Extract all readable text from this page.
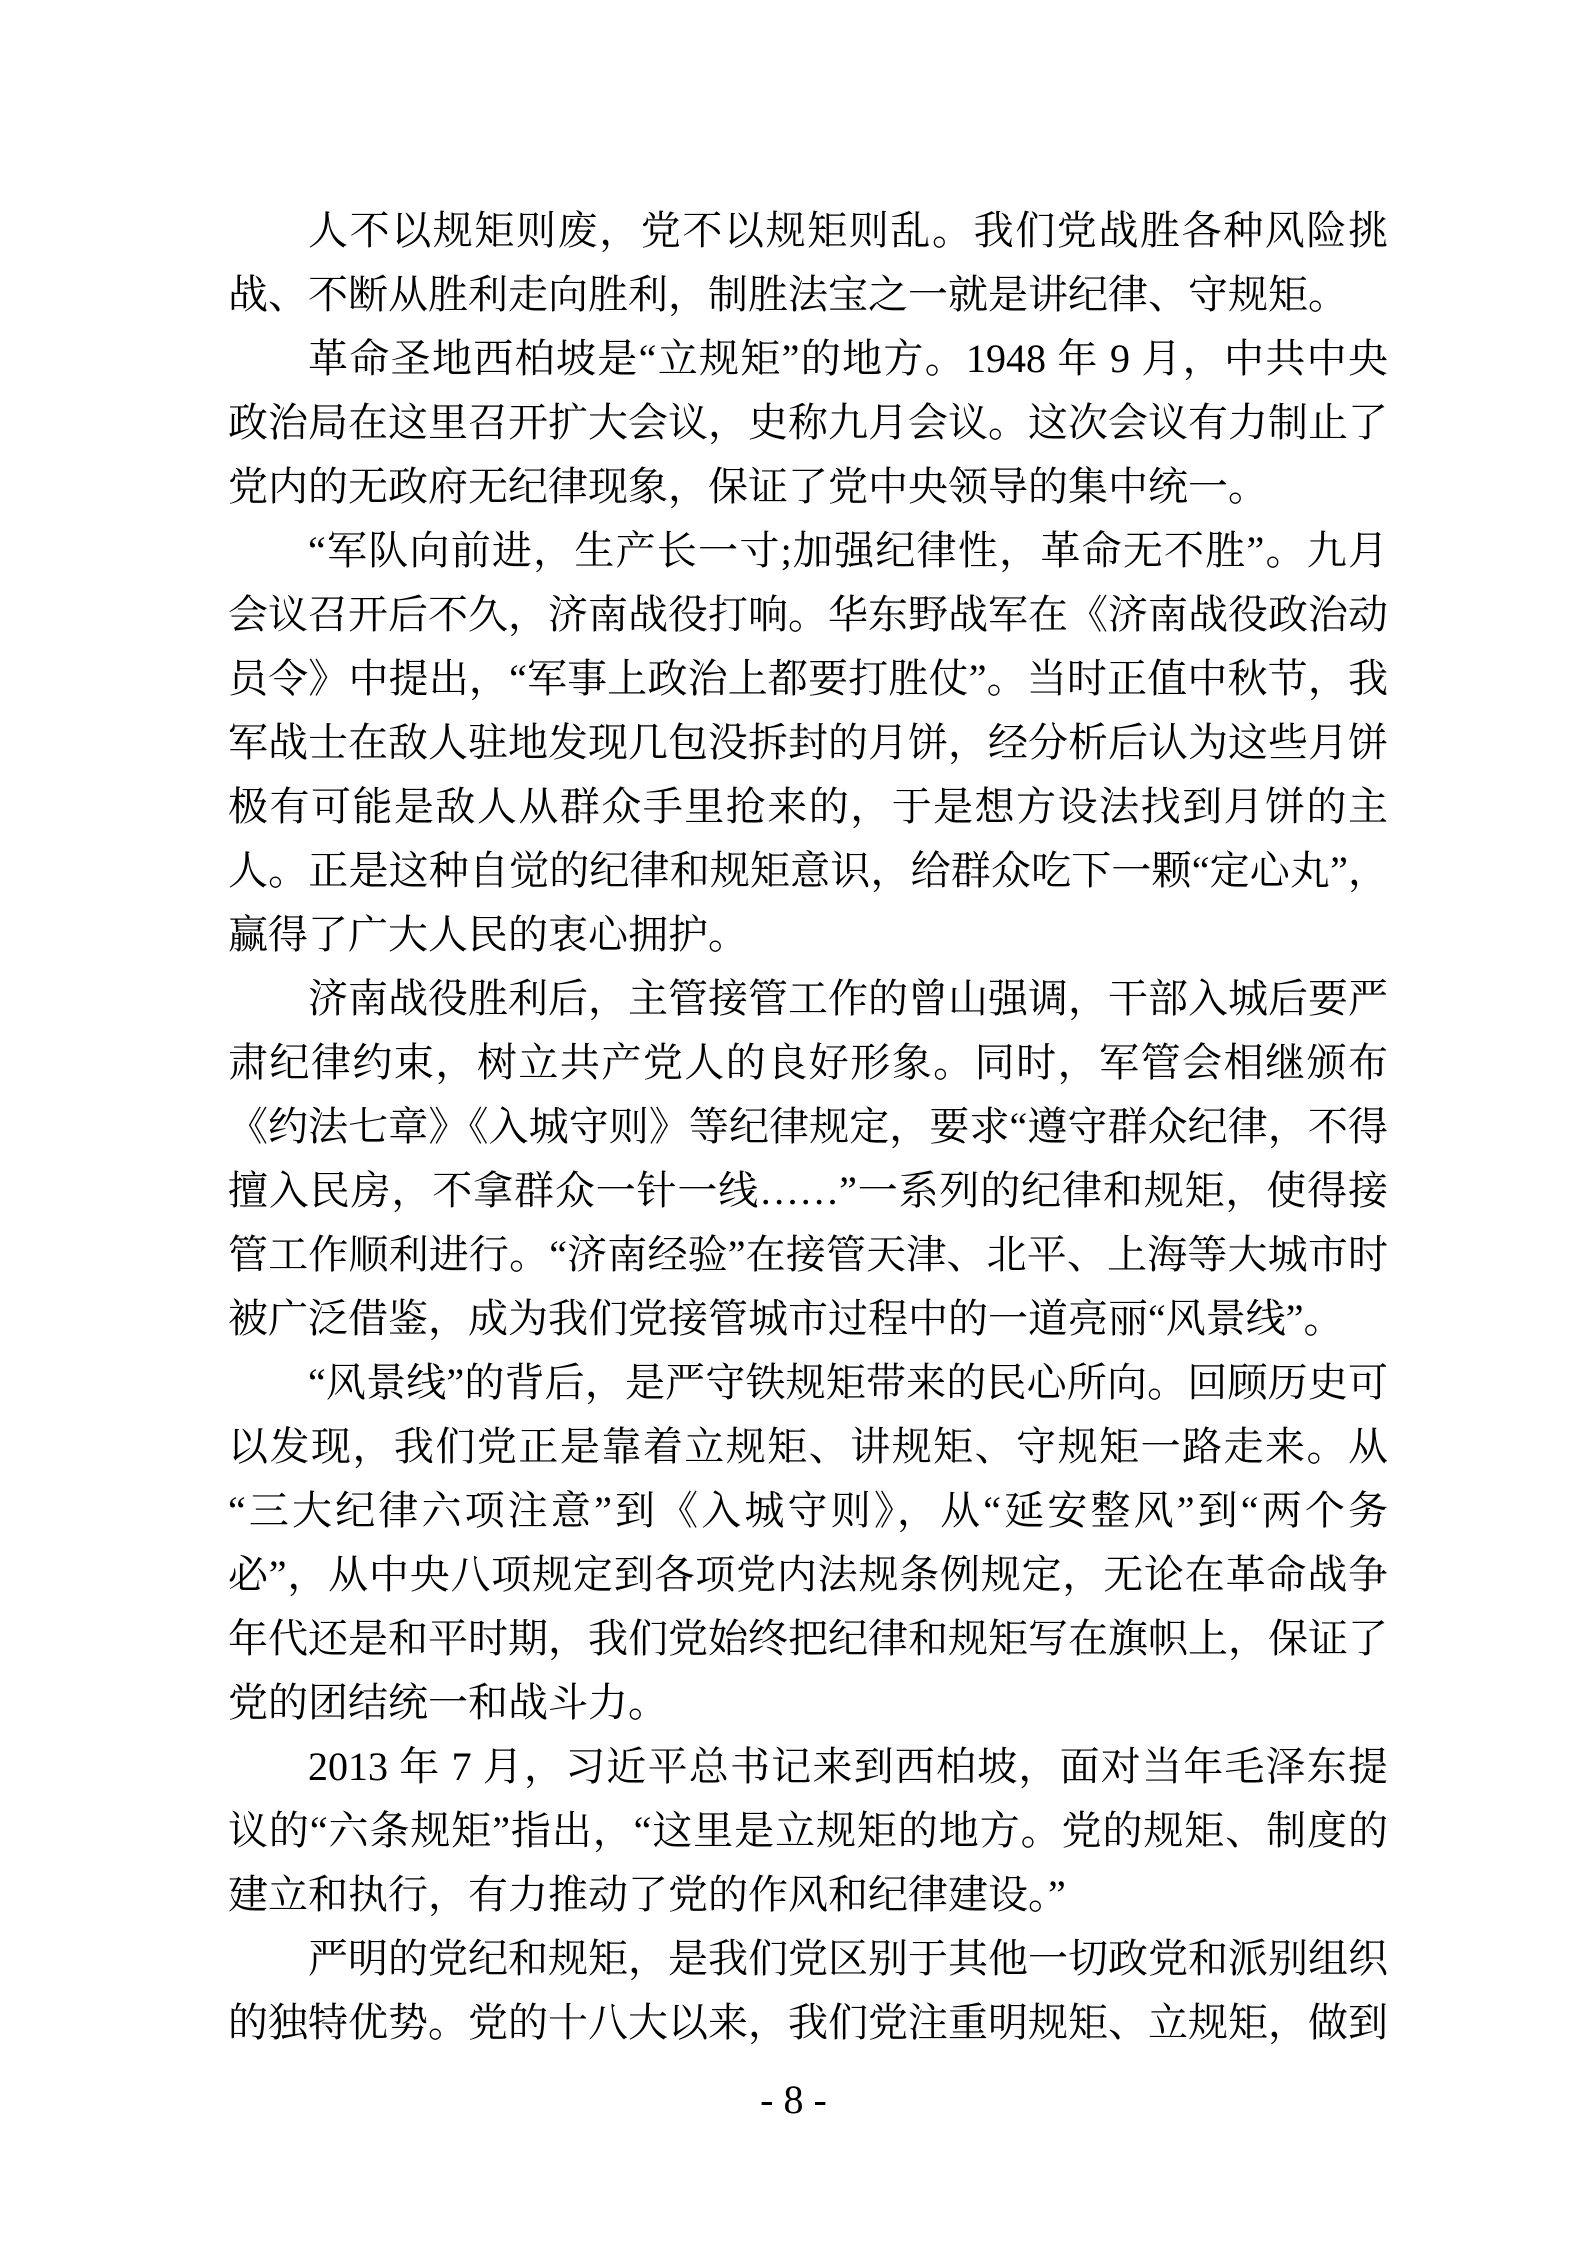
人不以规矩则废，党不以规矩则乱。我们党战胜各种风险挑战、不断从胜利走向胜利，制胜法宝之一就是讲纪律、守规矩。

革命圣地西柏坡是“立规矩”的地方。1948 年 9 月，中共中央政治局在这里召开扩大会议，史称九月会议。这次会议有力制止了党内的无政府无纪律现象，保证了党中央领导的集中统一。

“军队向前进，生产长一寸;加强纪律性，革命无不胜”。九月会议召开后不久，济南战役打响。华东野战军在《济南战役政治动员令》中提出，“军事上政治上都要打胜仗”。当时正值中秋节，我军战士在敌人驻地发现几包没拆封的月饼，经分析后认为这些月饼极有可能是敌人从群众手里抢来的，于是想方设法找到月饼的主人。正是这种自觉的纪律和规矩意识，给群众吃下一颗“定心丸”，赢得了广大人民的衷心拥护。

济南战役胜利后，主管接管工作的曾山强调，干部入城后要严肃纪律约束，树立共产党人的良好形象。同时，军管会相继颁布《约法七章》《入城守则》等纪律规定，要求“遵守群众纪律，不得擅入民房，不拿群众一针一线……”一系列的纪律和规矩，使得接管工作顺利进行。“济南经验”在接管天津、北平、上海等大城市时被广泛借鉴，成为我们党接管城市过程中的一道亮丽“风景线”。

“风景线”的背后，是严守铁规矩带来的民心所向。回顾历史可以发现，我们党正是靠着立规矩、讲规矩、守规矩一路走来。从“三大纪律六项注意”到《入城守则》，从“延安整风”到“两个务必”，从中央八项规定到各项党内法规条例规定，无论在革命战争年代还是和平时期，我们党始终把纪律和规矩写在旗帜上，保证了党的团结统一和战斗力。

2013 年 7 月，习近平总书记来到西柏坡，面对当年毛泽东提议的“六条规矩”指出，“这里是立规矩的地方。党的规矩、制度的建立和执行，有力推动了党的作风和纪律建设。”

严明的党纪和规矩，是我们党区别于其他一切政党和派别组织的独特优势。党的十八大以来，我们党注重明规矩、立规矩，做到

- 8 -
